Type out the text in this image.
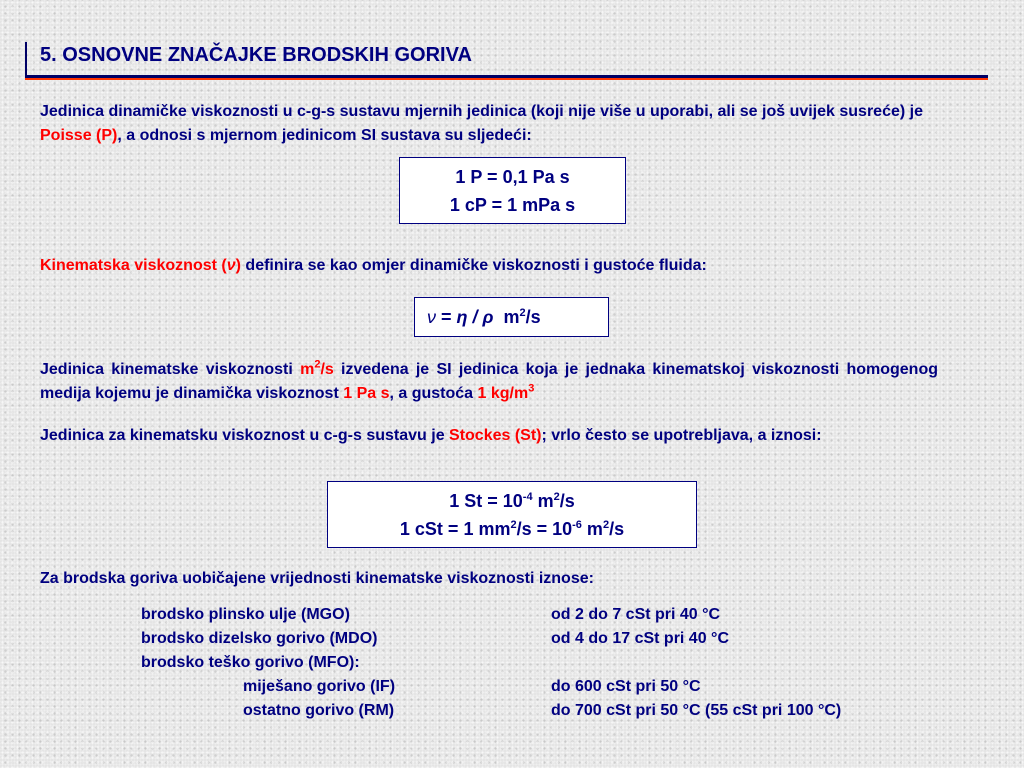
5. OSNOVNE ZNAČAJKE BRODSKIH GORIVA
Jedinica dinamičke viskoznosti u c-g-s sustavu mjernih jedinica (koji nije više u uporabi, ali se još uvijek susreće) je Poisse (P), a odnosi s mjernom jedinicom SI sustava su sljedeći:
1 P = 0,1 Pa s
1 cP = 1 mPa s
Kinematska viskoznost (ν) definira se kao omjer dinamičke viskoznosti i gustoće fluida:
ν = η / ρ $m^2/s$
Jedinica kinematske viskoznosti $m^2/s$ izvedena je SI jedinica koja je jednaka kinematskoj viskoznosti homogenog medija kojemu je dinamička viskoznost 1 Pa s, a gustoća 1 $kg/m^3$
Jedinica za kinematsku viskoznost u c-g-s sustavu je Stockes (St); vrlo često se upotrebljava, a iznosi:
1 $St = 10^{-4}$ $m^2/s$
1 cSt = 1 $mm^2/s = 10^{-6}$ $m^2/s$
Za brodska goriva uobičajene vrijednosti kinematske viskoznosti iznose:
brodsko plinsko ulje (MGO)	od 2 do 7 cSt pri 40 °C
brodsko dizelsko gorivo (MDO)	od 4 do 17 cSt pri 40 °C
brodsko teško gorivo (MFO):
miješano gorivo (IF)	do 600 cSt pri 50 °C
ostatno gorivo (RM)	do 700 cSt pri 50 °C (55 cSt pri 100 °C)
